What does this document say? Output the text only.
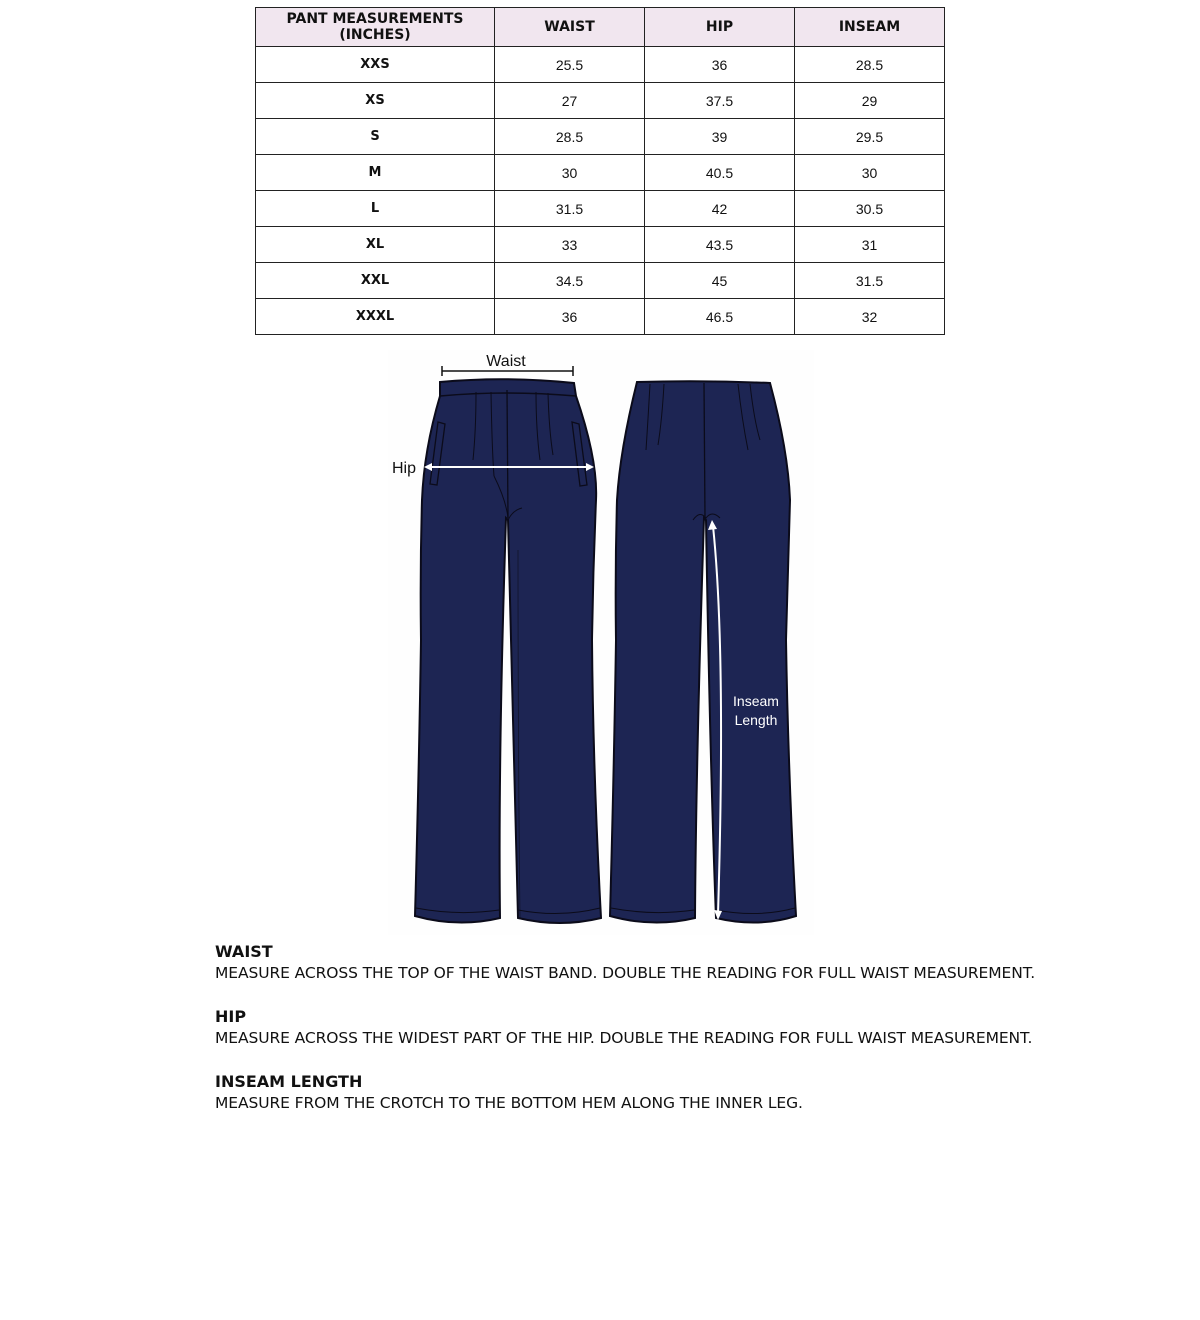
PANT MEASUREMENTS (INCHES)	WAIST	HIP	INSEAM
XXS	25.5	36	28.5
XS	27	37.5	29
S	28.5	39	29.5
M	30	40.5	30
L	31.5	42	30.5
XL	33	43.5	31
XXL	34.5	45	31.5
XXXL	36	46.5	32
Waist
Hip
Inseam
Length
WAIST
MEASURE ACROSS THE TOP OF THE WAIST BAND. DOUBLE THE READING FOR FULL WAIST MEASUREMENT.
HIP
MEASURE ACROSS THE WIDEST PART OF THE HIP. DOUBLE THE READING FOR FULL WAIST MEASUREMENT.
INSEAM LENGTH
MEASURE FROM THE CROTCH TO THE BOTTOM HEM ALONG THE INNER LEG.
